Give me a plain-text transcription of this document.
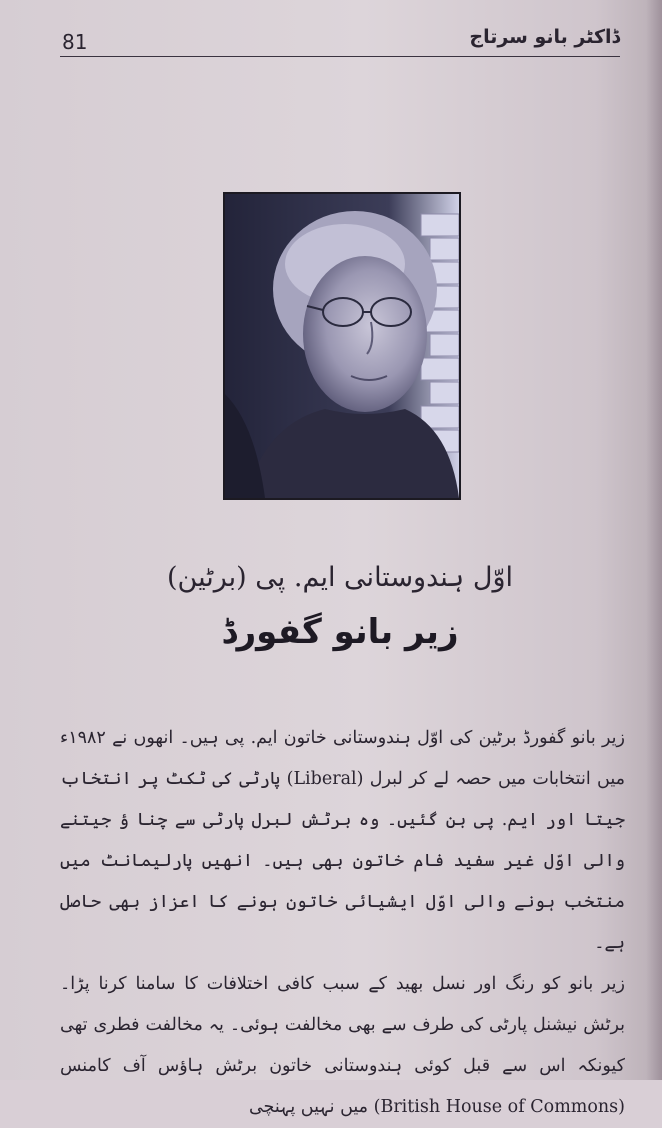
81	ڈاکٹر بانو سرتاج
اوّل ہندوستانی ایم. پی (برٹین)
زیر بانو گفورڈ

زیر بانو گفورڈ برٹین کی اوّل ہندوستانی خاتون ایم. پی ہیں۔ انھوں نے ۱۹۸۲ء میں انتخابات میں حصہ لے کر لبرل (Liberal) پارٹی کی ٹکٹ پر انتخاب جیتا اور ایم. پی بن گئیں۔ وہ برٹش لبرل پارٹی سے چنا ؤ جیتنے والی اوّل غیر سفید فام خاتون بھی ہیں۔ انھیں پارلیمانٹ میں منتخب ہونے والی اوّل ایشیائی خاتون ہونے کا اعزاز بھی حاصل ہے۔

زیر بانو کو رنگ اور نسل بھید کے سبب کافی اختلافات کا سامنا کرنا پڑا۔ برٹش نیشنل پارٹی کی طرف سے بھی مخالفت ہوئی۔ یہ مخالفت فطری تھی کیونکہ اس سے قبل کوئی ہندوستانی خاتون برٹش ہاؤس آف کامنس (British House of Commons) میں نہیں پہنچی
